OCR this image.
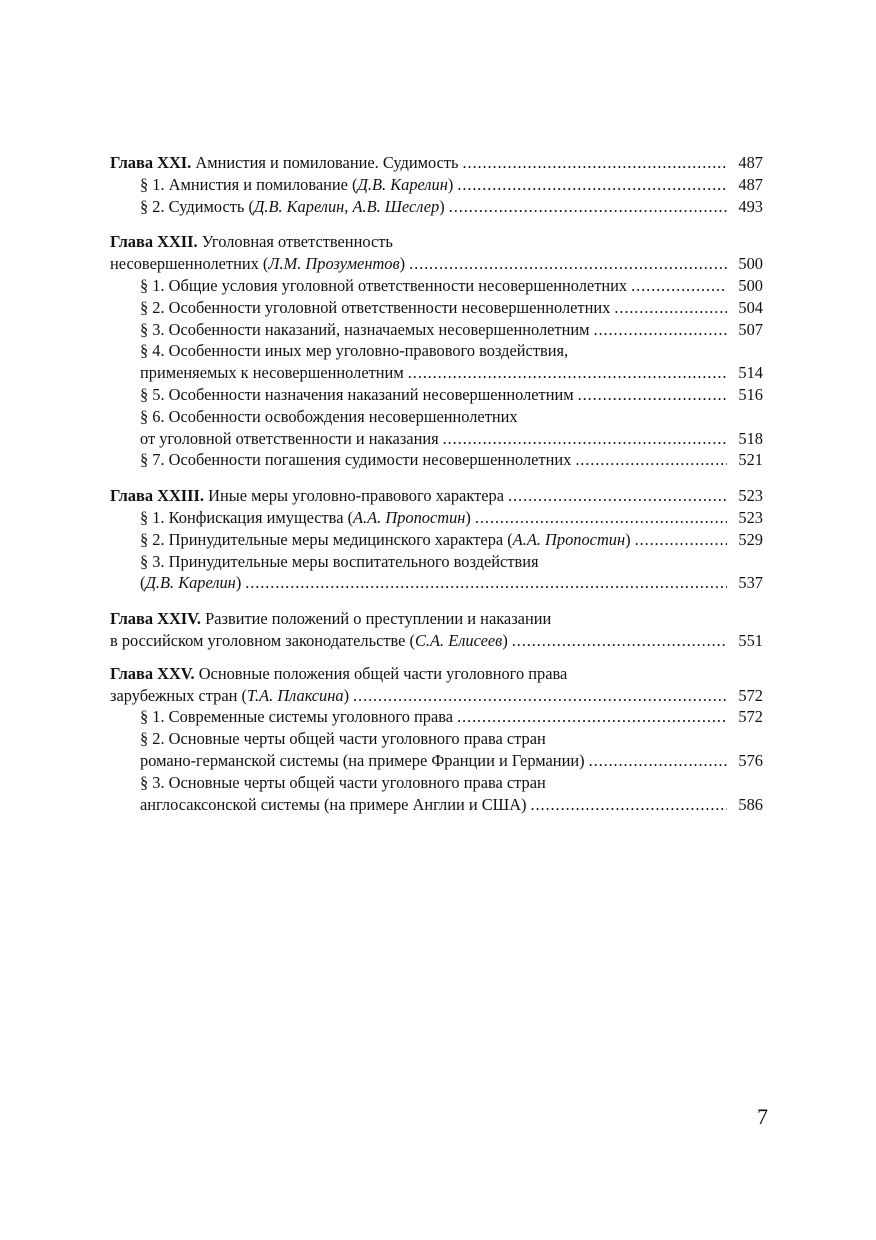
Глава XXI. Амнистия и помилование. Судимость . . .	487
§ 1. Амнистия и помилование (Д.В. Карелин) . . .	487
§ 2. Судимость (Д.В. Карелин, А.В. Шеслер) . . .	493
Глава XXII. Уголовная ответственность
несовершеннолетних (Л.М. Прозументов) . . .	500
§ 1. Общие условия уголовной ответственности несовершеннолетних . . .	500
§ 2. Особенности уголовной ответственности несовершеннолетних . . .	504
§ 3. Особенности наказаний, назначаемых несовершеннолетним . . .	507
§ 4. Особенности иных мер уголовно-правового воздействия,
применяемых к несовершеннолетним . . .	514
§ 5. Особенности назначения наказаний несовершеннолетним . . .	516
§ 6. Особенности освобождения несовершеннолетних
от уголовной ответственности и наказания . . .	518
§ 7. Особенности погашения судимости несовершеннолетних . . .	521
Глава XXIII. Иные меры уголовно-правового характера . . .	523
§ 1. Конфискация имущества (А.А. Пропостин) . . .	523
§ 2. Принудительные меры медицинского характера (А.А. Пропостин) . . .	529
§ 3. Принудительные меры воспитательного воздействия
(Д.В. Карелин) . . .	537
Глава XXIV. Развитие положений о преступлении и наказании
в российском уголовном законодательстве (С.А. Елисеев) . . .	551
Глава XXV. Основные положения общей части уголовного права
зарубежных стран (Т.А. Плаксина) . . .	572
§ 1. Современные системы уголовного права . . .	572
§ 2. Основные черты общей части уголовного права стран
романо-германской системы (на примере Франции и Германии) . . .	576
§ 3. Основные черты общей части уголовного права стран
англосаксонской системы (на примере Англии и США) . . .	586
7
